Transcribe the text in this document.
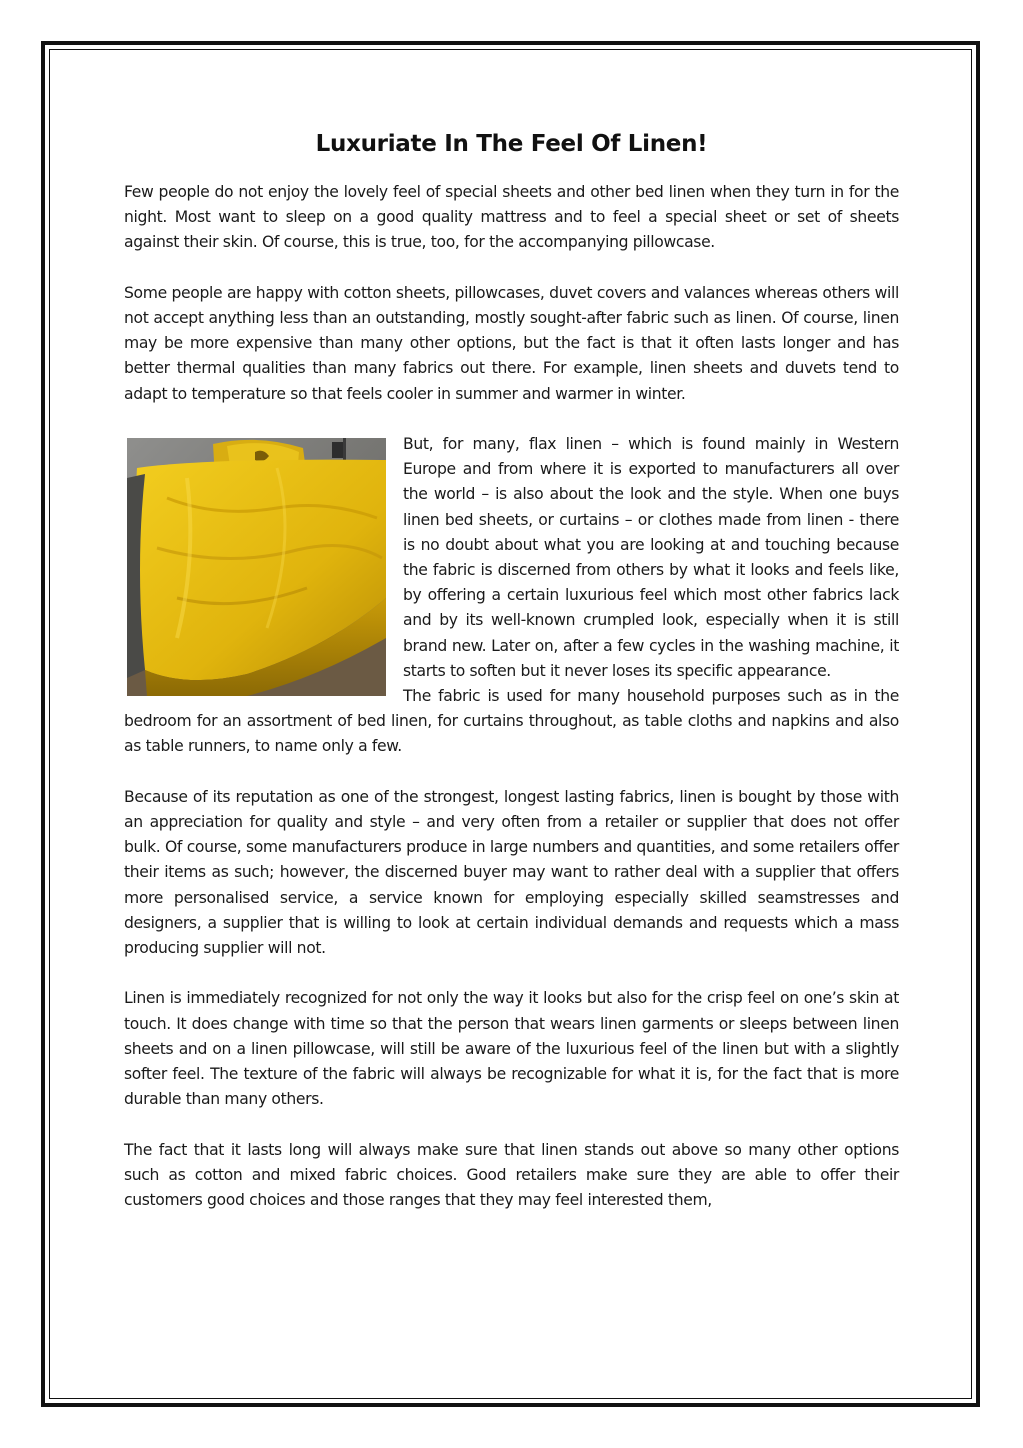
Luxuriate In The Feel Of Linen!

Few people do not enjoy the lovely feel of special sheets and other bed linen when they turn in for the night. Most want to sleep on a good quality mattress and to feel a special sheet or set of sheets against their skin. Of course, this is true, too, for the accompanying pillowcase.

Some people are happy with cotton sheets, pillowcases, duvet covers and valances whereas others will not accept anything less than an outstanding, mostly sought-after fabric such as linen. Of course, linen may be more expensive than many other options, but the fact is that it often lasts longer and has better thermal qualities than many fabrics out there. For example, linen sheets and duvets tend to adapt to temperature so that feels cooler in summer and warmer in winter.

But, for many, flax linen – which is found mainly in Western Europe and from where it is exported to manufacturers all over the world – is also about the look and the style. When one buys linen bed sheets, or curtains – or clothes made from linen - there is no doubt about what you are looking at and touching because the fabric is discerned from others by what it looks and feels like, by offering a certain luxurious feel which most other fabrics lack and by its well-known crumpled look, especially when it is still brand new. Later on, after a few cycles in the washing machine, it starts to soften but it never loses its specific appearance.

The fabric is used for many household purposes such as in the bedroom for an assortment of bed linen, for curtains throughout, as table cloths and napkins and also as table runners, to name only a few.

Because of its reputation as one of the strongest, longest lasting fabrics, linen is bought by those with an appreciation for quality and style – and very often from a retailer or supplier that does not offer bulk. Of course, some manufacturers produce in large numbers and quantities, and some retailers offer their items as such; however, the discerned buyer may want to rather deal with a supplier that offers more personalised service, a service known for employing especially skilled seamstresses and designers, a supplier that is willing to look at certain individual demands and requests which a mass producing supplier will not.

Linen is immediately recognized for not only the way it looks but also for the crisp feel on one’s skin at touch. It does change with time so that the person that wears linen garments or sleeps between linen sheets and on a linen pillowcase, will still be aware of the luxurious feel of the linen but with a slightly softer feel. The texture of the fabric will always be recognizable for what it is, for the fact that is more durable than many others.

The fact that it lasts long will always make sure that linen stands out above so many other options such as cotton and mixed fabric choices. Good retailers make sure they are able to offer their customers good choices and those ranges that they may feel interested them,
